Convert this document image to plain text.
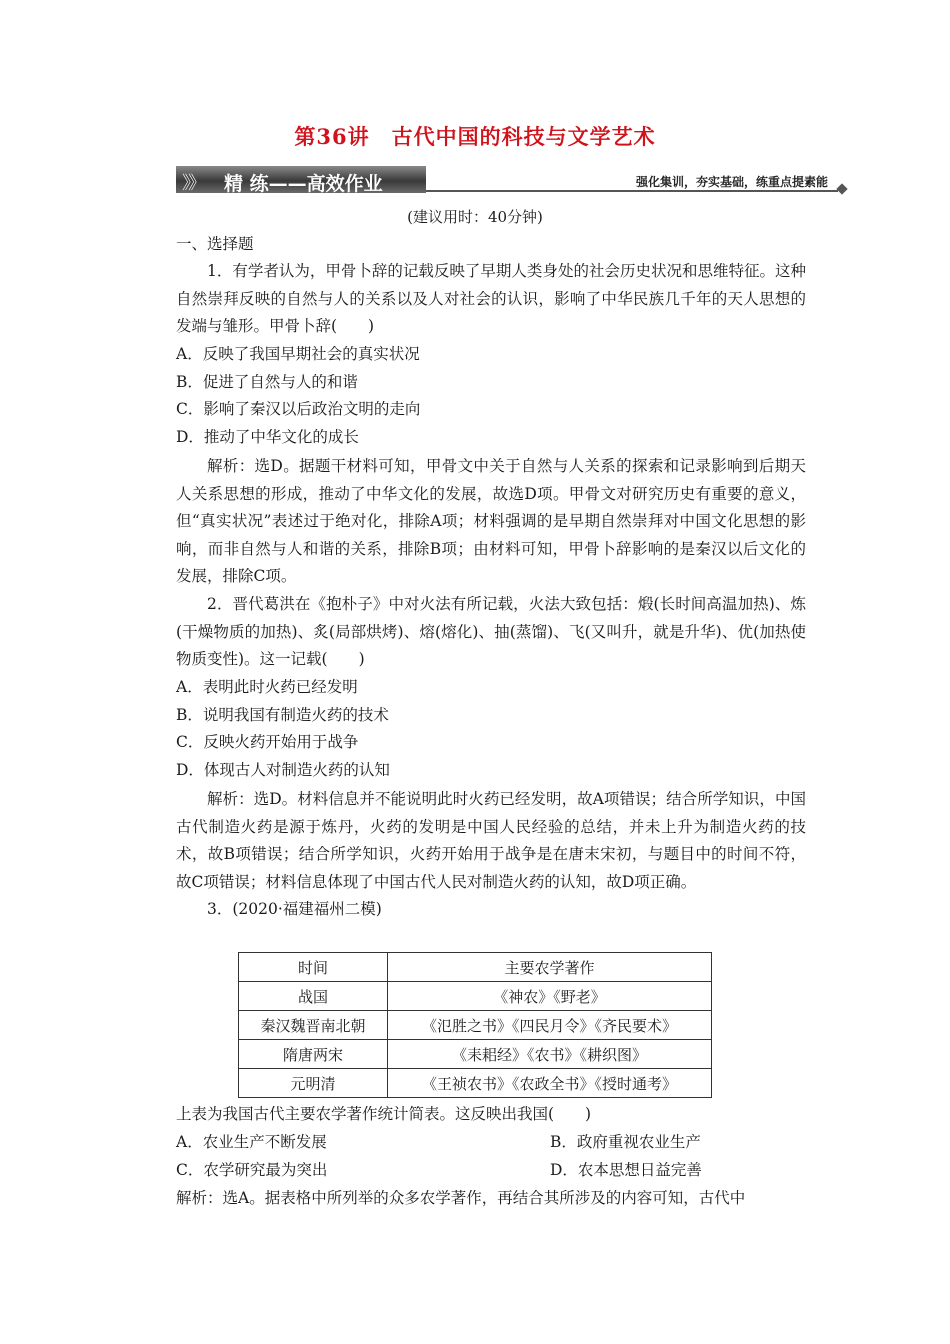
第36讲　古代中国的科技与文学艺术
》》 精 练——高效作业	强化集训，夯实基础，练重点提素能
(建议用时：40分钟)
一、选择题

1．有学者认为，甲骨卜辞的记载反映了早期人类身处的社会历史状况和思维特征。这种自然崇拜反映的自然与人的关系以及人对社会的认识，影响了中华民族几千年的天人思想的发端与雏形。甲骨卜辞(　　)

A．反映了我国早期社会的真实状况
B．促进了自然与人的和谐
C．影响了秦汉以后政治文明的走向
D．推动了中华文化的成长

解析：选D。据题干材料可知，甲骨文中关于自然与人关系的探索和记录影响到后期天人关系思想的形成，推动了中华文化的发展，故选D项。甲骨文对研究历史有重要的意义，但“真实状况”表述过于绝对化，排除A项；材料强调的是早期自然崇拜对中国文化思想的影响，而非自然与人和谐的关系，排除B项；由材料可知，甲骨卜辞影响的是秦汉以后文化的发展，排除C项。

2．晋代葛洪在《抱朴子》中对火法有所记载，火法大致包括：煅(长时间高温加热)、炼(干燥物质的加热)、炙(局部烘烤)、熔(熔化)、抽(蒸馏)、飞(又叫升，就是升华)、优(加热使物质变性)。这一记载(　　)

A．表明此时火药已经发明
B．说明我国有制造火药的技术
C．反映火药开始用于战争
D．体现古人对制造火药的认知

解析：选D。材料信息并不能说明此时火药已经发明，故A项错误；结合所学知识，中国古代制造火药是源于炼丹，火药的发明是中国人民经验的总结，并未上升为制造火药的技术，故B项错误；结合所学知识，火药开始用于战争是在唐末宋初，与题目中的时间不符，故C项错误；材料信息体现了中国古代人民对制造火药的认知，故D项正确。

3．(2020·福建福州二模)
时间	主要农学著作
战国	《神农》《野老》
秦汉魏晋南北朝	《氾胜之书》《四民月令》《齐民要术》
隋唐两宋	《耒耜经》《农书》《耕织图》
元明清	《王祯农书》《农政全书》《授时通考》
上表为我国古代主要农学著作统计简表。这反映出我国(　　)
A．农业生产不断发展	B．政府重视农业生产
C．农学研究最为突出	D．农本思想日益完善
解析：选A。据表格中所列举的众多农学著作，再结合其所涉及的内容可知，古代中
